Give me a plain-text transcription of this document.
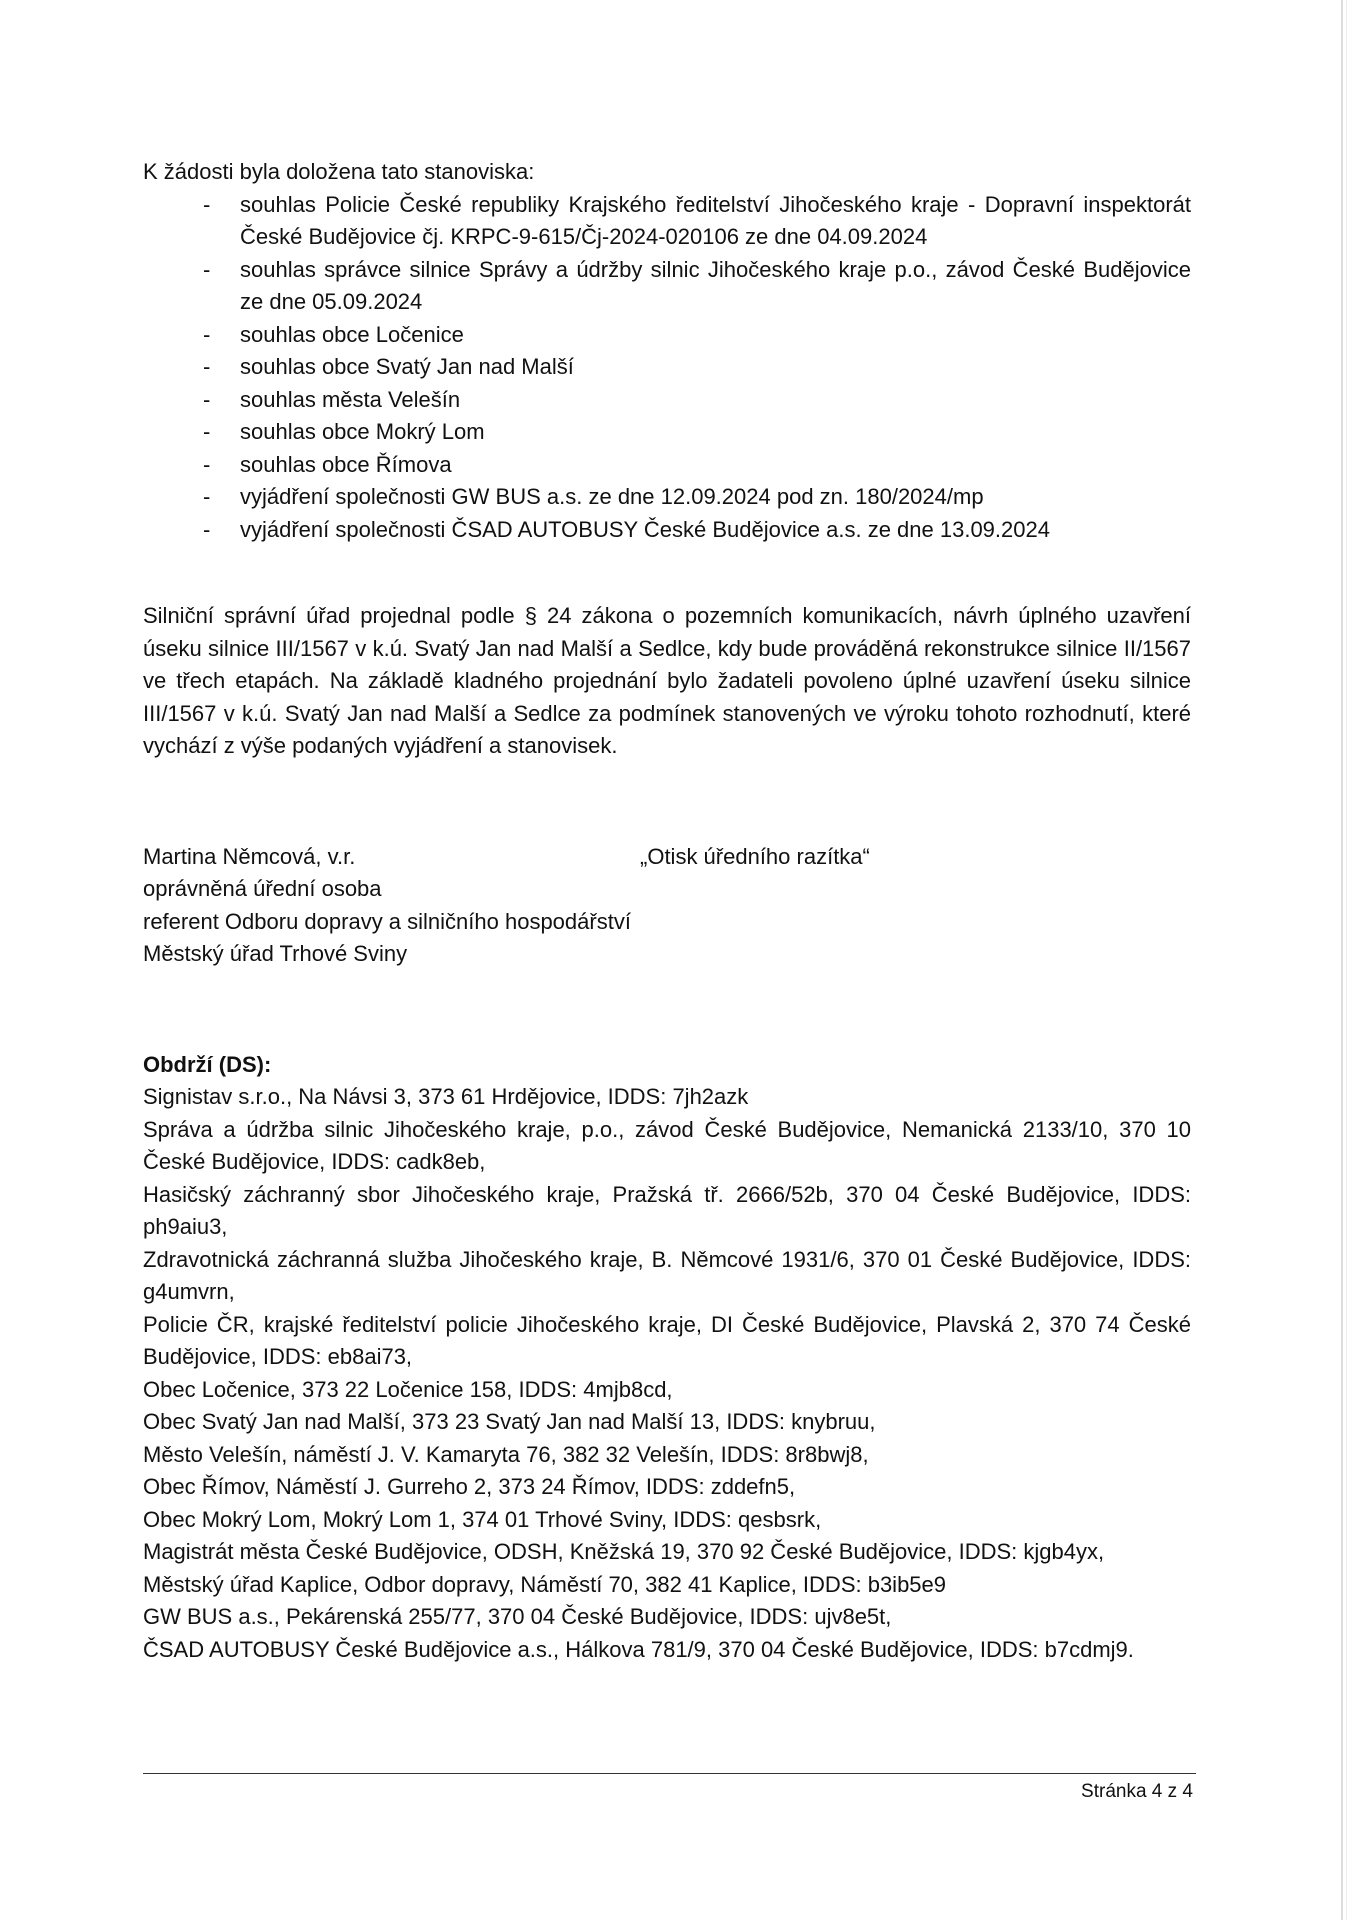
K žádosti byla doložena tato stanoviska:

- souhlas Policie České republiky Krajského ředitelství Jihočeského kraje - Dopravní inspektorát České Budějovice čj. KRPC-9-615/Čj-2024-020106 ze dne 04.09.2024
- souhlas správce silnice Správy a údržby silnic Jihočeského kraje p.o., závod České Budějovice ze dne 05.09.2024
- souhlas obce Ločenice
- souhlas obce Svatý Jan nad Malší
- souhlas města Velešín
- souhlas obce Mokrý Lom
- souhlas obce Římova
- vyjádření společnosti GW BUS a.s. ze dne 12.09.2024 pod zn. 180/2024/mp
- vyjádření společnosti ČSAD AUTOBUSY České Budějovice a.s. ze dne 13.09.2024

Silniční správní úřad projednal podle § 24 zákona o pozemních komunikacích, návrh úplného uzavření úseku silnice III/1567 v k.ú. Svatý Jan nad Malší a Sedlce, kdy bude prováděná rekonstrukce silnice II/1567 ve třech etapách. Na základě kladného projednání bylo žadateli povoleno úplné uzavření úseku silnice III/1567 v k.ú. Svatý Jan nad Malší a Sedlce za podmínek stanovených ve výroku tohoto rozhodnutí, které vychází z výše podaných vyjádření a stanovisek.

Martina Němcová, v.r.	„Otisk úředního razítka“
oprávněná úřední osoba
referent Odboru dopravy a silničního hospodářství
Městský úřad Trhové Sviny
Obdrží (DS):
Signistav s.r.o., Na Návsi 3, 373 61 Hrdějovice, IDDS: 7jh2azk
Správa a údržba silnic Jihočeského kraje, p.o., závod České Budějovice, Nemanická 2133/10, 370 10 České Budějovice, IDDS: cadk8eb,
Hasičský záchranný sbor Jihočeského kraje, Pražská tř. 2666/52b, 370 04 České Budějovice, IDDS: ph9aiu3,
Zdravotnická záchranná služba Jihočeského kraje, B. Němcové 1931/6, 370 01 České Budějovice, IDDS: g4umvrn,
Policie ČR, krajské ředitelství policie Jihočeského kraje, DI České Budějovice, Plavská 2, 370 74 České Budějovice, IDDS: eb8ai73,
Obec Ločenice, 373 22 Ločenice 158, IDDS: 4mjb8cd,
Obec Svatý Jan nad Malší, 373 23 Svatý Jan nad Malší 13, IDDS: knybruu,
Město Velešín, náměstí J. V. Kamaryta 76, 382 32 Velešín, IDDS: 8r8bwj8,
Obec Římov, Náměstí J. Gurreho 2, 373 24 Římov, IDDS: zddefn5,
Obec Mokrý Lom, Mokrý Lom 1, 374 01 Trhové Sviny, IDDS: qesbsrk,
Magistrát města České Budějovice, ODSH, Kněžská 19, 370 92 České Budějovice, IDDS: kjgb4yx,
Městský úřad Kaplice, Odbor dopravy, Náměstí 70, 382 41 Kaplice, IDDS: b3ib5e9
GW BUS a.s., Pekárenská 255/77, 370 04 České Budějovice, IDDS: ujv8e5t,
ČSAD AUTOBUSY České Budějovice a.s., Hálkova 781/9, 370 04 České Budějovice, IDDS: b7cdmj9.
Stránka 4 z 4
